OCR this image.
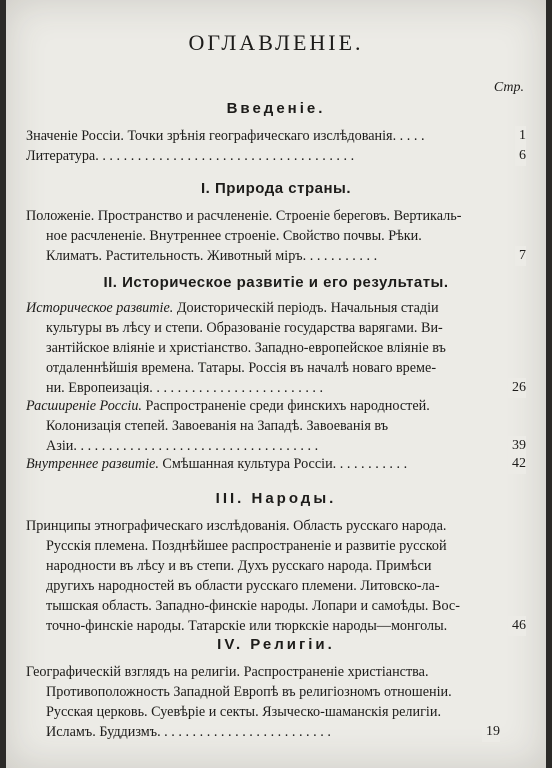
ОГЛАВЛЕНІЕ.
Стр.
Введеніе.
Значеніе Россіи. Точки зрѣнія географическаго изслѣдованія. . . . .	1
Литература. . . . . . . . . . . . . . . . . . . . . . . . . . . . . . . . . . . . .	6
I. Природа страны.
Положеніе. Пространство и расчлененіе. Строеніе береговъ. Вертикаль-
ное расчлененіе. Внутреннее строеніе. Свойство почвы. Рѣки.
Климатъ. Растительность. Животный міръ. . . . . . . . . . .	7
II. Историческое развитіе и его результаты.
Историческое развитіе. Доисторическій періодъ. Начальныя стадіи
культуры въ лѣсу и степи. Образованіе государства варягами. Ви-
зантійское вліяніе и христіанство. Западно-европейское вліяніе въ
отдаленнѣйшія времена. Татары. Россія въ началѣ новаго време-
ни. Европеизація. . . . . . . . . . . . . . . . . . . . . . . . .	26
Расширеніе Россіи. Распространеніе среди финскихъ народностей.
Колонизація степей. Завоеванія на Западѣ. Завоеванія въ
Азіи. . . . . . . . . . . . . . . . . . . . . . . . . . . . . . . . . . .	39
Внутреннее развитіе. Смѣшанная культура Россіи. . . . . . . . . . .	42
III. Народы.
Принципы этнографическаго изслѣдованія. Область русскаго народа.
Русскія племена. Позднѣйшее распространеніе и развитіе русской
народности въ лѣсу и въ степи. Духъ русскаго народа. Примѣси
другихъ народностей въ области русскаго племени. Литовско-ла-
тышская область. Западно-финскіе народы. Лопари и самоѣды. Вос-
точно-финскіе народы. Татарскіе или тюркскіе народы—монголы.	46
IV. Религіи.
Географическій взглядъ на религіи. Распространеніе христіанства.
Противоположность Западной Европѣ въ религіозномъ отношеніи.
Русская церковь. Суевѣріе и секты. Языческо-шаманскія религіи.
Исламъ. Буддизмъ. . . . . . . . . . . . . . . . . . . . . . . . .	19
